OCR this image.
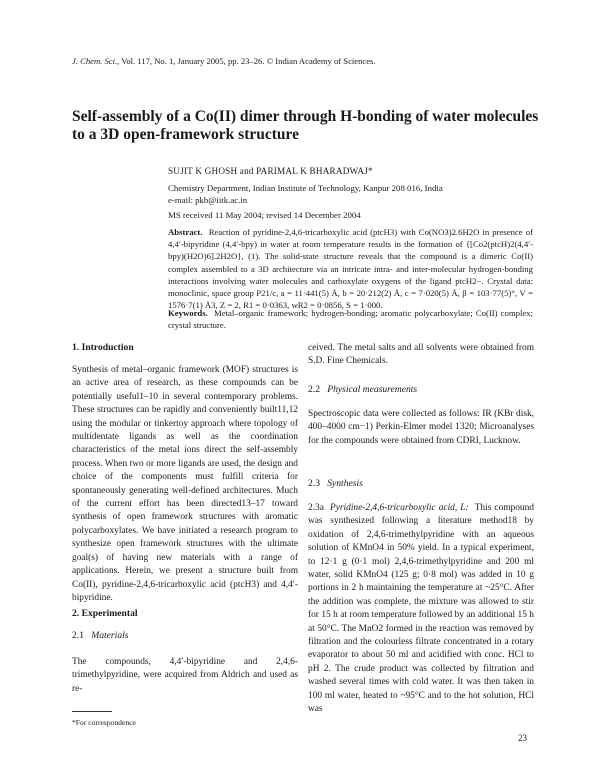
J. Chem. Sci., Vol. 117, No. 1, January 2005, pp. 23–26. © Indian Academy of Sciences.
Self-assembly of a Co(II) dimer through H-bonding of water molecules to a 3D open-framework structure
SUJIT K GHOSH and PARIMAL K BHARADWAJ*
Chemistry Department, Indian Institute of Technology, Kanpur 208 016, India
e-mail: pkb@iitk.ac.in
MS received 11 May 2004; revised 14 December 2004
Abstract. Reaction of pyridine-2,4,6-tricarboxylic acid (ptcH3) with Co(NO3)2.6H2O in presence of 4,4′-bipyridine (4,4′-bpy) in water at room temperature results in the formation of {[Co2(ptcH)2(4,4′-bpy)(H2O)6].2H2O}, (1). The solid-state structure reveals that the compound is a dimeric Co(II) complex assembled to a 3D architecture via an intricate intra- and inter-molecular hydrogen-bonding interactions involving water molecules and carboxylate oxygens of the ligand ptcH2−. Crystal data: monoclinic, space group P21/c, a = 11·441(5) Å, b = 20·212(2) Å, c = 7·020(5) Å, β = 103·77(5)°, V = 1576·7(1) Å3, Z = 2, R1 = 0·0363, wR2 = 0·0856, S = 1·000.
Keywords. Metal–organic framework; hydrogen-bonding; aromatic polycarboxylate; Co(II) complex; crystal structure.
1. Introduction

Synthesis of metal–organic framework (MOF) structures is an active area of research, as these compounds can be potentially useful1–10 in several contemporary problems. These structures can be rapidly and conveniently built11,12 using the modular or tinkertoy approach where topology of multidentate ligands as well as the coordination characteristics of the metal ions direct the self-assembly process. When two or more ligands are used, the design and choice of the components must fulfill criteria for spontaneously generating well-defined architectures. Much of the current effort has been directed13–17 toward synthesis of open framework structures with aromatic polycarboxylates. We have initiated a research program to synthesize open framework structures with the ultimate goal(s) of having new materials with a range of applications. Herein, we present a structure built from Co(II), pyridine-2,4,6-tricarboxylic acid (ptcH3) and 4,4′-bipyridine.

2. Experimental
2.1 Materials

The compounds, 4,4′-bipyridine and 2,4,6-trimethylpyridine, were acquired from Aldrich and used as re-

ceived. The metal salts and all solvents were obtained from S.D. Fine Chemicals.

2.2 Physical measurements

Spectroscopic data were collected as follows: IR (KBr disk, 400–4000 cm−1) Perkin-Elmer model 1320; Microanalyses for the compounds were obtained from CDRI, Lucknow.

2.3 Synthesis

2.3a Pyridine-2,4,6-tricarboxylic acid, L: This compound was synthesized following a literature method18 by oxidation of 2,4,6-trimethylpyridine with an aqueous solution of KMnO4 in 50% yield. In a typical experiment, to 12·1 g (0·1 mol) 2,4,6-trimethylpyridine and 200 ml water, solid KMnO4 (125 g; 0·8 mol) was added in 10 g portions in 2 h maintaining the temperature at ~25°C. After the addition was complete, the mixture was allowed to stir for 15 h at room temperature followed by an additional 15 h at 50°C. The MnO2 formed in the reaction was removed by filtration and the colourless filtrate concentrated in a rotary evaporator to about 50 ml and acidified with conc. HCl to pH 2. The crude product was collected by filtration and washed several times with cold water. It was then taken in 100 ml water, heated to ~95°C and to the hot solution, HCl was

*For correspondence
23
